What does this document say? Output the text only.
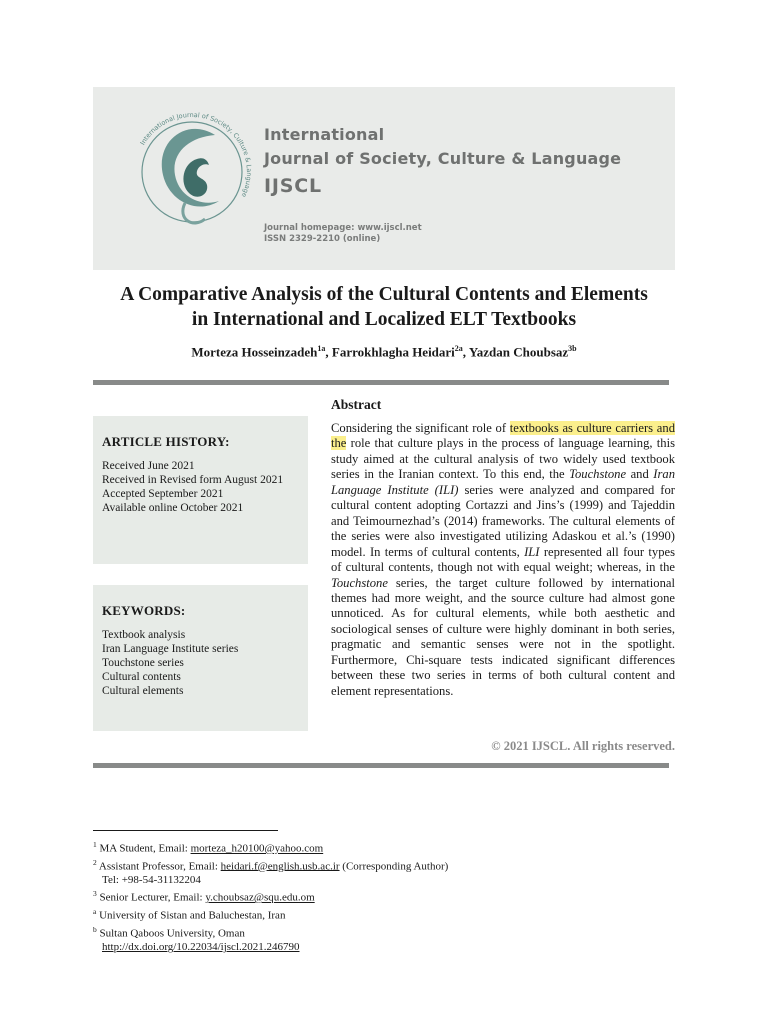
International Journal of Society, Culture & Language
International
Journal of Society, Culture & Language
IJSCL
Journal homepage: www.ijscl.net
ISSN 2329-2210 (online)
A Comparative Analysis of the Cultural Contents and Elements
in International and Localized ELT Textbooks
Morteza Hosseinzadeh$^{1a}$, Farrokhlagha Heidari$^{2a}$, Yazdan Choubsaz$^{3b}$
ARTICLE HISTORY:
Received June 2021
Received in Revised form August 2021
Accepted September 2021
Available online October 2021
KEYWORDS:
Textbook analysis
Iran Language Institute series
Touchstone series
Cultural contents
Cultural elements
Abstract
Considering the significant role of textbooks as culture carriers and the role that culture plays in the process of language learning, this study aimed at the cultural analysis of two widely used textbook series in the Iranian context. To this end, the Touchstone and Iran Language Institute (ILI) series were analyzed and compared for cultural content adopting Cortazzi and Jins’s (1999) and Tajeddin and Teimournezhad’s (2014) frameworks. The cultural elements of the series were also investigated utilizing Adaskou et al.’s (1990) model. In terms of cultural contents, ILI represented all four types of cultural contents, though not with equal weight; whereas, in the Touchstone series, the target culture followed by international themes had more weight, and the source culture had almost gone unnoticed. As for cultural elements, while both aesthetic and sociological senses of culture were highly dominant in both series, pragmatic and semantic senses were not in the spotlight. Furthermore, Chi-square tests indicated significant differences between these two series in terms of both cultural content and element representations.
© 2021 IJSCL. All rights reserved.
$^1$ MA Student, Email: morteza_h20100@yahoo.com
$^2$ Assistant Professor, Email: heidari.f@english.usb.ac.ir (Corresponding Author)
Tel: +98-54-31132204
$^3$ Senior Lecturer, Email: y.choubsaz@squ.edu.om
$^a$ University of Sistan and Baluchestan, Iran
$^b$ Sultan Qaboos University, Oman
http://dx.doi.org/10.22034/ijscl.2021.246790
